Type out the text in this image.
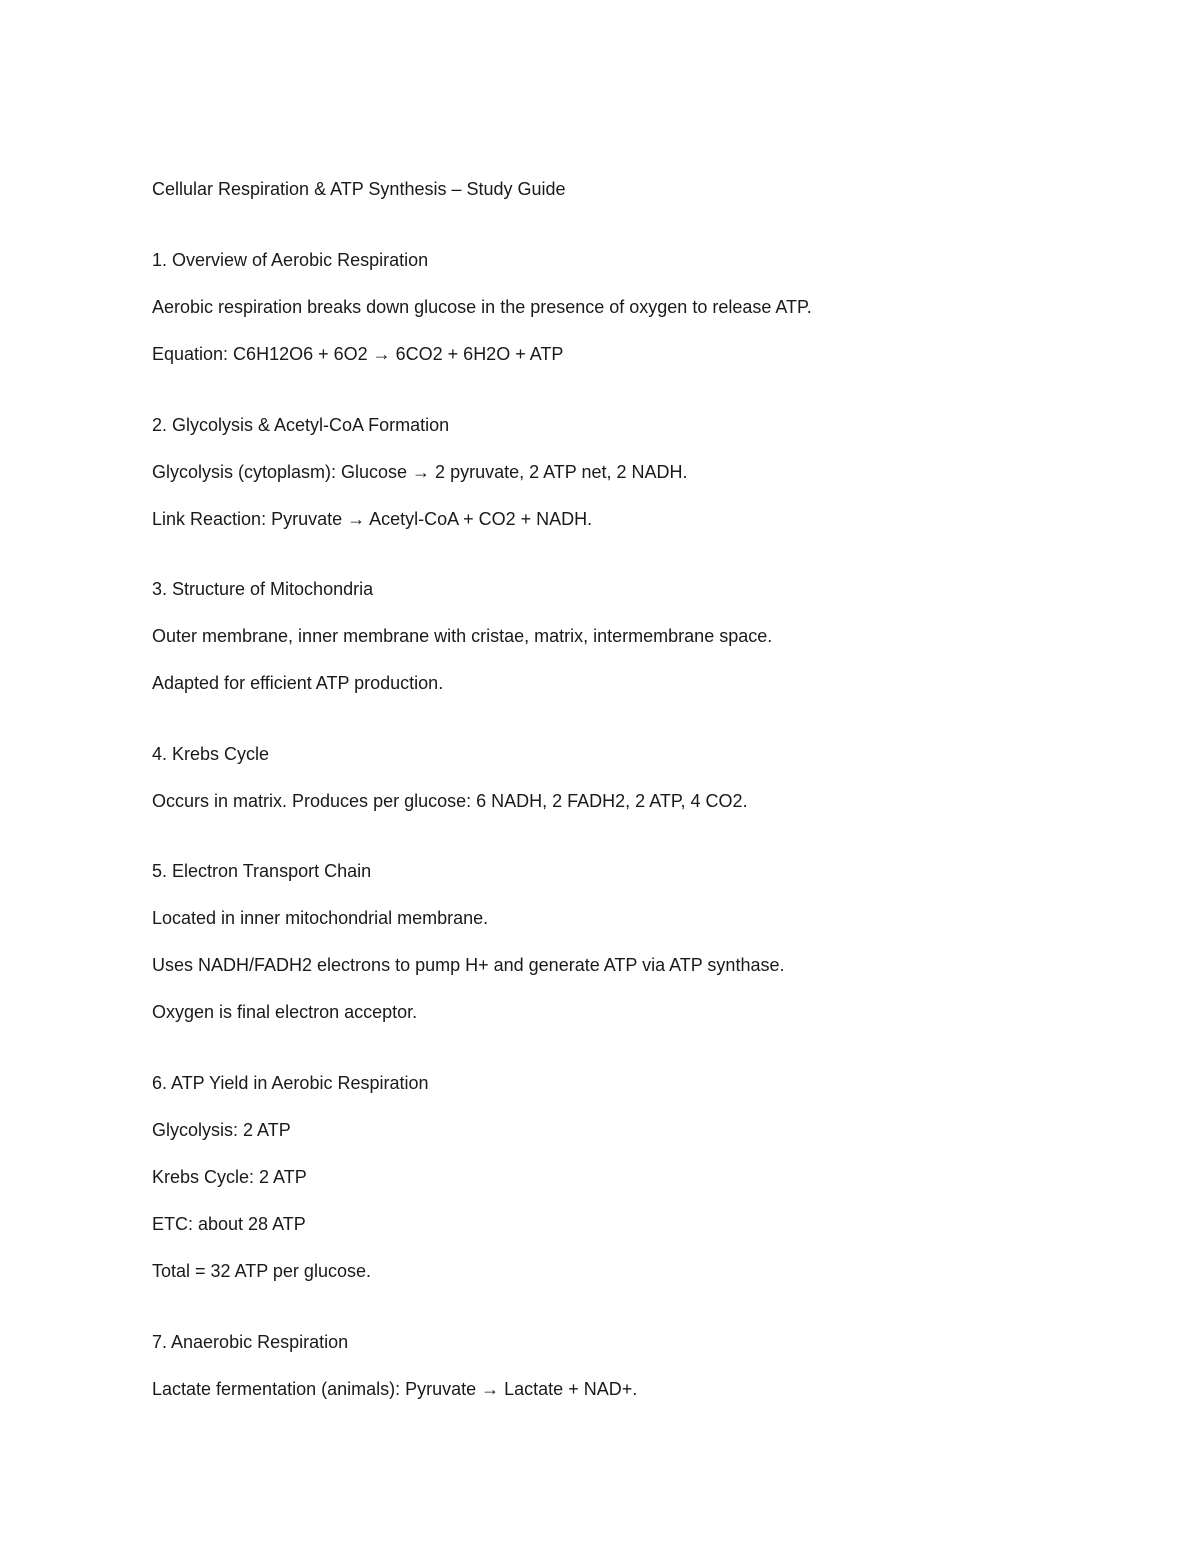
Cellular Respiration & ATP Synthesis – Study Guide
1. Overview of Aerobic Respiration
Aerobic respiration breaks down glucose in the presence of oxygen to release ATP.
Equation: C6H12O6 + 6O2 → 6CO2 + 6H2O + ATP
2. Glycolysis & Acetyl-CoA Formation
Glycolysis (cytoplasm): Glucose → 2 pyruvate, 2 ATP net, 2 NADH.
Link Reaction: Pyruvate → Acetyl-CoA + CO2 + NADH.
3. Structure of Mitochondria
Outer membrane, inner membrane with cristae, matrix, intermembrane space.
Adapted for efficient ATP production.
4. Krebs Cycle
Occurs in matrix. Produces per glucose: 6 NADH, 2 FADH2, 2 ATP, 4 CO2.
5. Electron Transport Chain
Located in inner mitochondrial membrane.
Uses NADH/FADH2 electrons to pump H+ and generate ATP via ATP synthase.
Oxygen is final electron acceptor.
6. ATP Yield in Aerobic Respiration
Glycolysis: 2 ATP
Krebs Cycle: 2 ATP
ETC: about 28 ATP
Total = 32 ATP per glucose.
7. Anaerobic Respiration
Lactate fermentation (animals): Pyruvate → Lactate + NAD+.
